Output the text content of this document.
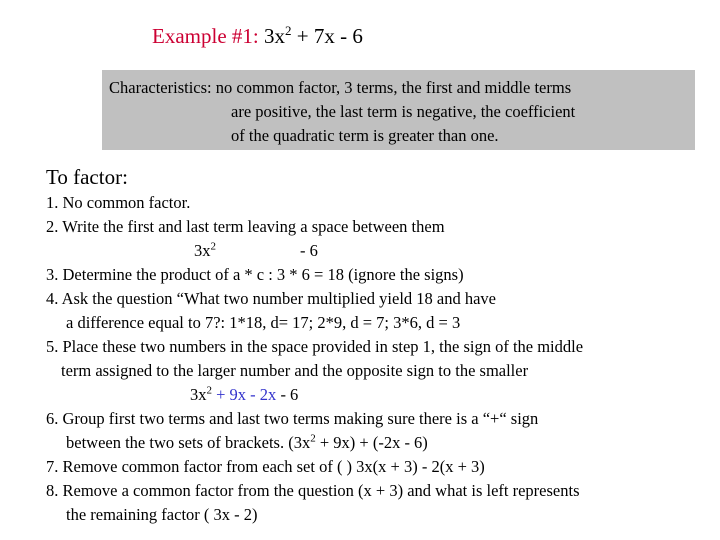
Example #1: $3x^2 + 7x - 6$
Characteristics: no common factor, 3 terms, the first and middle terms
are positive, the last term is negative, the coefficient
of the quadratic term is greater than one.
To factor:
1. No common factor.
2. Write the first and last term leaving a space between them
$3x^2$	- 6
3. Determine the product of a * c : 3 * 6 = 18 (ignore the signs)
4. Ask the question “What two number multiplied yield 18 and have
a difference equal to 7?: 1*18, d= 17; 2*9, d = 7; 3*6, d = 3
5. Place these two numbers in the space provided in step 1, the sign of the middle
term assigned to the larger number and the opposite sign to the smaller
$3x^2 + 9x - 2x - 6$
6. Group first two terms and last two terms making sure there is a “+“ sign
between the two sets of brackets. $(3x^2 + 9x) + (-2x - 6)$
7. Remove common factor from each set of ( ) 3x(x + 3) - 2(x + 3)
8. Remove a common factor from the question (x + 3) and what is left represents
the remaining factor ( 3x - 2)
